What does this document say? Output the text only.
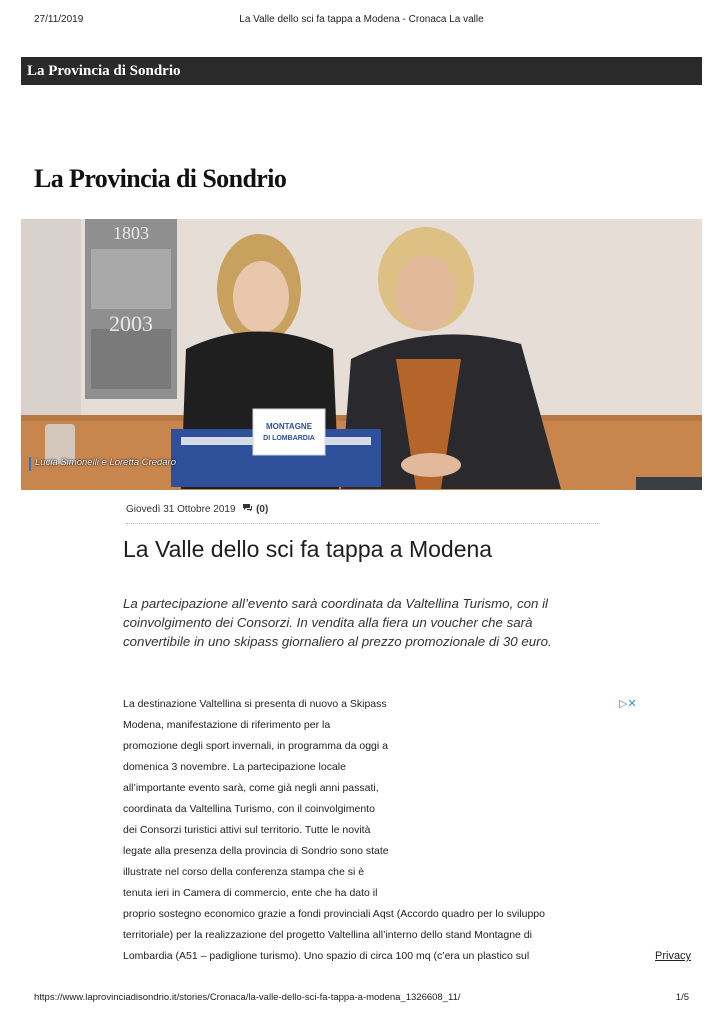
27/11/2019	La Valle dello sci fa tappa a Modena - Cronaca La valle
La Provincia di Sondrio
La Provincia di Sondrio
1803
2003
MONTAGNE
DI LOMBARDIA
Lucia Simonelli e Loretta Credaro
Giovedì 31 Ottobre 2019 (0)
La Valle dello sci fa tappa a Modena
La partecipazione all’evento sarà coordinata da Valtellina Turismo, con il
coinvolgimento dei Consorzi. In vendita alla fiera un voucher che sarà
convertibile in uno skipass giornaliero al prezzo promozionale di 30 euro.
▷✕
La destinazione Valtellina si presenta di nuovo a Skipass
Modena, manifestazione di riferimento per la
promozione degli sport invernali, in programma da oggi a
domenica 3 novembre. La partecipazione locale
all’importante evento sarà, come già negli anni passati,
coordinata da Valtellina Turismo, con il coinvolgimento
dei Consorzi turistici attivi sul territorio. Tutte le novità
legate alla presenza della provincia di Sondrio sono state
illustrate nel corso della conferenza stampa che si è
tenuta ieri in Camera di commercio, ente che ha dato il
proprio sostegno economico grazie a fondi provinciali Aqst (Accordo quadro per lo sviluppo
territoriale) per la realizzazione del progetto Valtellina all’interno dello stand Montagne di
Lombardia (A51 – padiglione turismo). Uno spazio di circa 100 mq (c’era un plastico sul	Privacy
https://www.laprovinciadisondrio.it/stories/Cronaca/la-valle-dello-sci-fa-tappa-a-modena_1326608_11/	1/5
